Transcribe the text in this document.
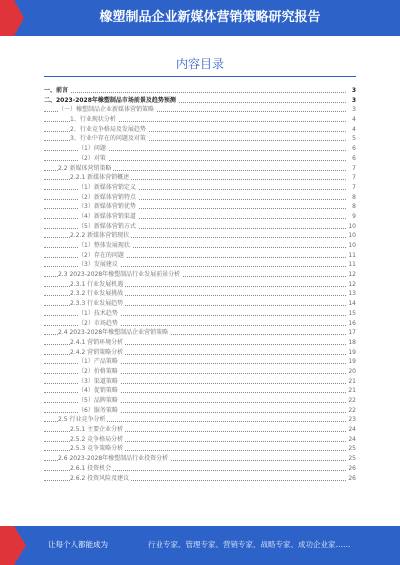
橡塑制品企业新媒体营销策略研究报告
内容目录
一、前言	3
二、2023-2028年橡塑制品市场前景及趋势预测	3
（一）橡塑制品企业新媒体营销策略	3
1、行业现状分析	4
2、行业竞争格局及发展趋势	4
3、行业中存在的问题及对策	5
（1）问题	6
（2）对策	6
2.2 新媒体营销策略	7
2.2.1 新媒体营销概述	7
（1）新媒体营销定义	7
（2）新媒体营销特点	8
（3）新媒体营销优势	8
（4）新媒体营销渠道	9
（5）新媒体营销方式	10
2.2.2 新媒体营销现状	10
（1）整体发展现状	10
（2）存在的问题	11
（3）发展建议	11
2.3 2023-2028年橡塑制品行业发展前景分析	12
2.3.1 行业发展机遇	12
2.3.2 行业发展挑战	13
2.3.3 行业发展趋势	14
（1）技术趋势	15
（2）市场趋势	16
2.4 2023-2028年橡塑制品企业营销策略	17
2.4.1 营销环境分析	18
2.4.2 营销策略分析	19
（1）产品策略	19
（2）价格策略	20
（3）渠道策略	21
（4）促销策略	21
（5）品牌策略	22
（6）服务策略	22
2.5 行业竞争分析	23
2.5.1 主要企业分析	24
2.5.2 竞争格局分析	24
2.5.3 竞争策略分析	25
2.6 2023-2028年橡塑制品行业投资分析	25
2.6.1 投资机会	26
2.6.2 投资风险及建议	26
让每个人都能成为	行业专家、管理专家、营销专家、战略专家、成功企业家……
